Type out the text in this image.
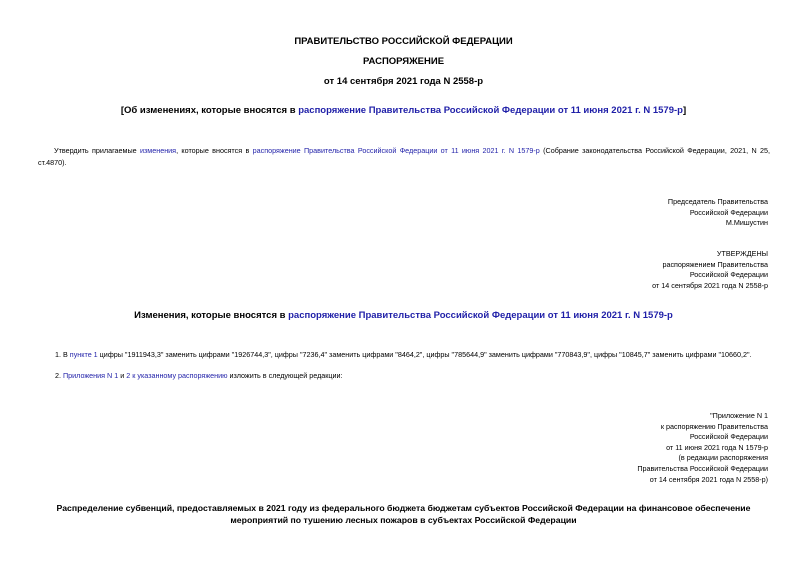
ПРАВИТЕЛЬСТВО РОССИЙСКОЙ ФЕДЕРАЦИИ
РАСПОРЯЖЕНИЕ
от 14 сентября 2021 года N 2558-р
[Об изменениях, которые вносятся в распоряжение Правительства Российской Федерации от 11 июня 2021 г. N 1579-р]
Утвердить прилагаемые изменения, которые вносятся в распоряжение Правительства Российской Федерации от 11 июня 2021 г. N 1579-р (Собрание законодательства Российской Федерации, 2021, N 25,
ст.4870).
Председатель Правительства
Российской Федерации
М.Мишустин
УТВЕРЖДЕНЫ
распоряжением Правительства
Российской Федерации
от 14 сентября 2021 года N 2558-р
Изменения, которые вносятся в распоряжение Правительства Российской Федерации от 11 июня 2021 г. N 1579-р
1. В пункте 1 цифры "1911943,3" заменить цифрами "1926744,3", цифры "7236,4" заменить цифрами "8464,2", цифры "785644,9" заменить цифрами "770843,9", цифры "10845,7" заменить цифрами "10660,2".
2. Приложения N 1 и 2 к указанному распоряжению изложить в следующей редакции:
"Приложение N 1
к распоряжению Правительства
Российской Федерации
от 11 июня 2021 года N 1579-р
(в редакции распоряжения
Правительства Российской Федерации
от 14 сентября 2021 года N 2558-р)
Распределение субвенций, предоставляемых в 2021 году из федерального бюджета бюджетам субъектов Российской Федерации на финансовое обеспечение
мероприятий по тушению лесных пожаров в субъектах Российской Федерации
